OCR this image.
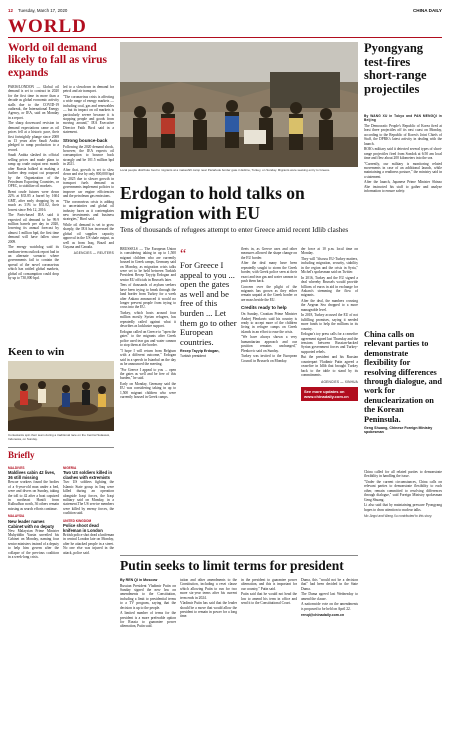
12 Tuesday, March 17, 2020	CHINA DAILY
WORLD
World oil demand likely to fall as virus expands

PARIS/LONDON — Global oil demand is set to contract in 2020 for the first time in more than a decade as global economic activity stalls due to the COVID-19 outbreak, the International Energy Agency, or IEA, said on Monday in a report.

The sharp downward revision in demand expectations came as oil prices fell at a historic pace, their first fortnightly plunge since 2008 as 13 years after Saudi Arabia pledged to ramp production to a record.

Saudi Arabia slashed its official selling prices and made plans to ramp up crude output next month after Russia balked at making a further deep output cut proposed by the Organization of the Petroleum Exporting Countries, or OPEC, to stabilize oil markets.

Brent crude futures were down 22% at $33.85 a barrel by 1604 GMT, after early dropping by as much as 31% to $31.02, their lowest since Feb 12, 2016.

The Paris-based IEA said it expected oil demand to be 99.9 million barrels per day in 2020, lowering its annual forecast by almost 1 million bpd, the first time demand will have fallen since 2009.

The energy watchdog said its medium-term outlook report had in an alternate scenario where governments fail to contain the spread of the novel coronavirus which has rattled global markets, global oil consumption could drop by up to 730,000 bpd.

led to a slowdown in demand for petrol and air transport.

"The coronavirus crisis is affecting a wide range of energy markets — including coal, gas and renewables — but its impact on oil markets is particularly severe because it is stopping people and goods from moving around," IEA Executive Director Fatih Birol said in a statement.

Strong bounce-back

Following the 2020 demand shock, however, the IEA expects oil consumption to bounce back strongly and be 101.5 million bpd in 2021.

After that, growth is set to slow down and rise by only 800,000 bpd by 2025 due to slower growth in transport fuels demand as governments implement policies to improve car engine efficiencies and the petroleum gas emissions.

"The coronavirus crisis is adding to uncertainties and global oil industry faces as it contemplates new investments and business strategies," Birol said.

While oil demand is set to grow sharply, the IEA has increased the global oil supplies capacity approval in the US shale output, as well as from Iraq, Brazil and Guyana and Canada.

AGENCIES — REUTERS
Keen to win
Contestants spin their team during a traditional race on the Central Sulawesi, Indonesia, on Sunday.
Briefly
MALDIVES
Maldives cabin 42 lives, 36 still missing

Rescue workers found the bodies of a 6-year-old man under a bed, were and divers on Sunday, taking the toll to 42 after a boat capsized in northeast Hanifi from Kulhudhoo north, 36 others remain missing as search efforts continue.

MALAYSIA
New leader names Cabinet with no deputy

New Malaysian Prime Minister Muhyiddin Yassin unveiled his Cabinet on Monday, naming four senior ministers instead of a deputy to help him govern after the collapse of the previous coalition in a week-long crisis.

NIGERIA
Two US soldiers killed in clashes with extremists

Two US soldiers fighting the Islamic State group in Iraq were killed during an operation alongside Iraqi forces, the Iraqi military said on Monday, in a statement.The US service members were killed by enemy forces, the coalition said.

UNITED KINGDOM
Police shoot dead knifeman in London

British police shot dead a knifeman in central London late on Monday, after he attacked people in a street. No one else was injured in the attack, police said.

Local people distribute food to migrants at a makeshift camp near Pazarkule border gate in Edirne, Turkey, on Sunday. Migrants were seeking entry to Greece.
Erdogan to hold talks on migration with EU
Tens of thousands of refugees attempt to enter Greece amid recent Idlib clashes

BRUSSELS — The European Union is considering taking in up to 1,500 migrant children who are currently housed in Greek camps, Germany said on Monday, as migration crisis talks were set to be held between Turkish President Recep Tayyip Erdogan and senior EU officials in Brussels later.

Tens of thousands of asylum seekers have been trying to break through the land border from Turkey for a week after Ankara announced it would no longer prevent people from trying to cross into the EU.

Turkey, which hosts around four million mostly Syrian refugees, has repeatedly railed against what it describes as lacklustre support.

Erdogan called on Greece to "open the gates" to the migrants after Greek police used tear gas and water cannon to stop them at the border.

"I hope I will return from Belgium with a different outcome," Erdogan said in a speech in Istanbul on the day as he announced the meeting.

"For Greece I appeal to you ... open the gates as well and be free of this burden," he said.

Early on Monday, Germany said the EU was considering taking in up to 1,500 migrant children who were currently housed in Greek camps.

“
For Greece I appeal to you ... open the gates as well and be free of this burden ... Let them go to other European countries.
Recep Tayyip Erdogan,
Turkish president

fleets in, as Greece uses and other measures allowed the shape change on the EU border.

After the deal many have been repeatedly sought to storm the Greek border, with Greek police seen at their exact and tear gas and water cannon to push them back.

Concern over the plight of the migrants has grown as they either remain unpaid at the Greek border or are mass beside the EU.

Credits ready to help

On Sunday, Croatian Prime Minister Andrej Plenkovic said his country is ready to accept more of the children living in refugee camps on Greek islands in an effort to ease the crisis.

"We have always shown a very humanitarian approach and our position remains unchanged," Plenkovic said on Sunday.

Turkey was invited to the European Council in Brussels on Monday.

der force at 10 p.m. local time on Monday.

They will "discuss EU-Turkey matters, including migration, security, stability in the region and the crisis in Syria," Michel's spokesman said on Twitter.

In 2016, Turkey and the EU signed a deal whereby Brussels would provide billions of euros in aid in exchange for Ankara's stemming the flow of migrants.

After the deal, the numbers crossing the Aegean Sea dropped to a more manageable level.

In 2018, Turkey accused the EU of not fulfilling promises, saying it needed more funds to help the millions in its country.

Erdogan's toy press calls for a ceasefire agreement signed last Thursday and the tensions between Russian-backed Syrian government forces and Turkey-supported rebels.

But the president and his Russian counterpart Vladimir Putin agreed a ceasefire in Idlib that brought Turkey back to the table to stand by its commitments.

AGENCIES — XINHUA
See more updates on www.chinadaily.com.cn
Putin seeks to limit terms for president

By REN QI in Moscow

Russian President Vladimir Putin on Sunday signed the new law on amendments to the Constitution, including a limit to presidential terms to a TV program, saying that the decision is up to the people.

A limited number of terms for the president is a more preferable option for Russia to guarantee power alternation, Putin said.

tation and other amendments to the Constitution, including a reset clause which allowing Putin to run for two more six-year terms after his current term ends in 2024.

Vladimir Putin has said that the leader should be a move that would allow the president to remain in power for a long time.

in the president to guarantee power alternation, and this is important for our country," Putin said.

Putin said that he would not head the law to amend his term in office and send it to the Constitutional Court.

Duma, this "would not be a decision that" had been decided in the State Duma.

The Duma agreed last Wednesday to amend the clause.

A nationwide vote on the amendments is proposed to be held on April 22.

renqi@chinadaily.com.cn
Pyongyang test-fires short-range projectiles

By WANG XU in Tokyo and PAN MENGQI in Beijing

The Democratic People's Republic of Korea fired at least three projectiles off its east coast on Monday, according to the Republic of Korea's Joint Chiefs of Staff, the DPRK's latest activity in dealing with the launch.

ROK's military said it detected several types of short-range projectiles fired from Sondok at 6:50 am local time and flew about 200 kilometers into the sea.

"Currently, our military is monitoring related movements in case of an additional launch, while maintaining a readiness posture," the ministry said in a statement.

After the launch, Japanese Prime Minister Shinzo Abe instructed his staff to gather and analyze information to ensure safety.

China calls on relevant parties to demonstrate flexibility for resolving differences through dialogue, and work for denuclearization on the Korean Peninsula.
Geng Shuang, Chinese Foreign Ministry spokesman

China called for all related parties to demonstrate flexibility in handling the issue.

"Under the current circumstances, China calls on relevant parties to demonstrate flexibility to each other, remain committed to resolving differences through dialogue," said Foreign Ministry spokesman Geng Shuang.

Li also said that by maintaining pressure Pyongyang hopes to draw attention to nuclear talks.

Mo Jingxi and Wang Xu contributed to this story.
